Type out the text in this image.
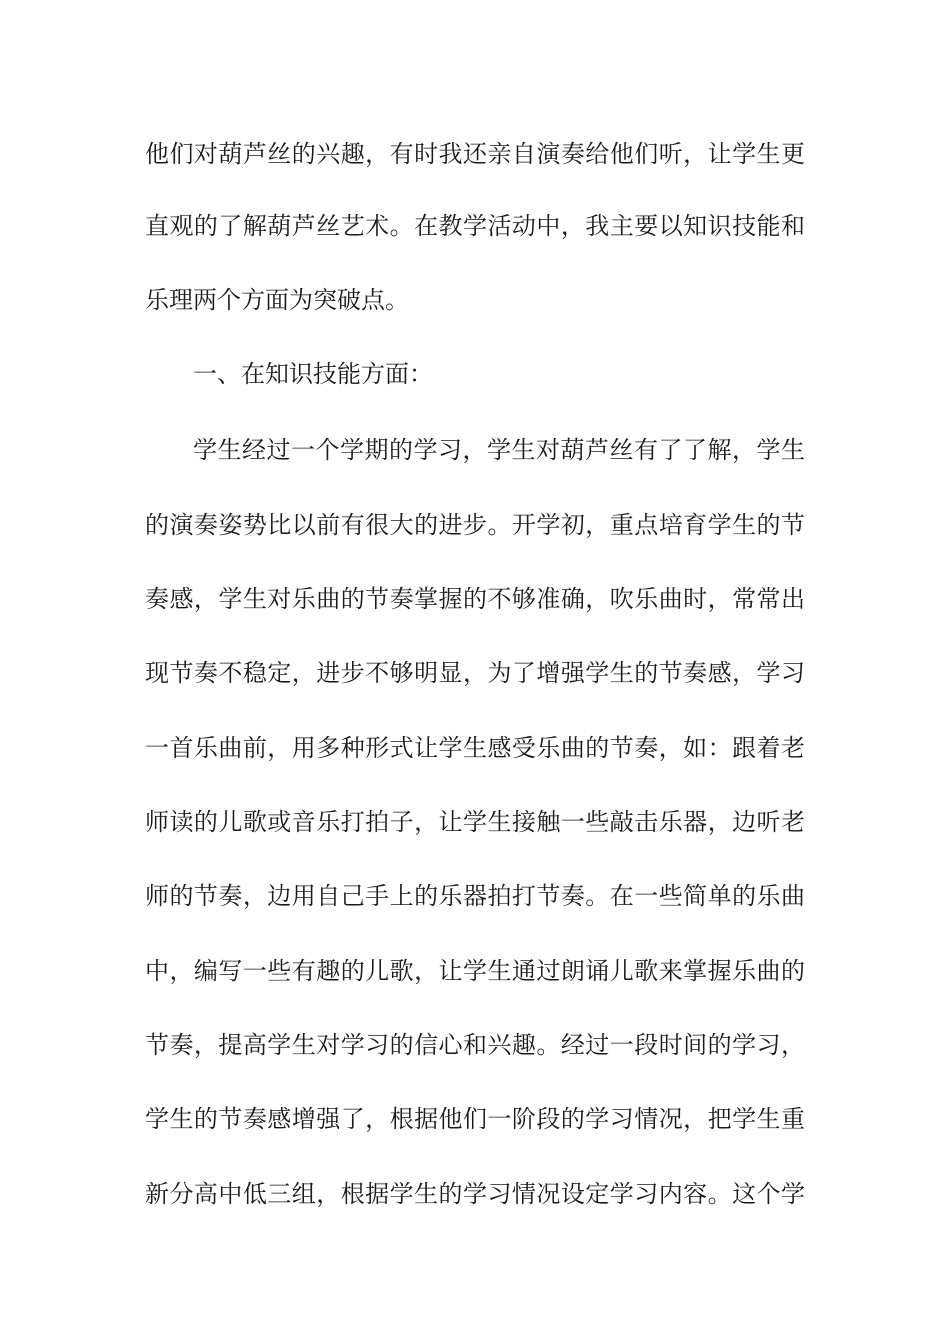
他们对葫芦丝的兴趣，有时我还亲自演奏给他们听，让学生更
直观的了解葫芦丝艺术。在教学活动中，我主要以知识技能和
乐理两个方面为突破点。
一、在知识技能方面：
学生经过一个学期的学习，学生对葫芦丝有了了解，学生
的演奏姿势比以前有很大的进步。开学初，重点培育学生的节
奏感，学生对乐曲的节奏掌握的不够准确，吹乐曲时，常常出
现节奏不稳定，进步不够明显，为了增强学生的节奏感，学习
一首乐曲前，用多种形式让学生感受乐曲的节奏，如：跟着老
师读的儿歌或音乐打拍子，让学生接触一些敲击乐器，边听老
师的节奏，边用自己手上的乐器拍打节奏。在一些简单的乐曲
中，编写一些有趣的儿歌，让学生通过朗诵儿歌来掌握乐曲的
节奏，提高学生对学习的信心和兴趣。经过一段时间的学习，
学生的节奏感增强了，根据他们一阶段的学习情况，把学生重
新分高中低三组，根据学生的学习情况设定学习内容。这个学
